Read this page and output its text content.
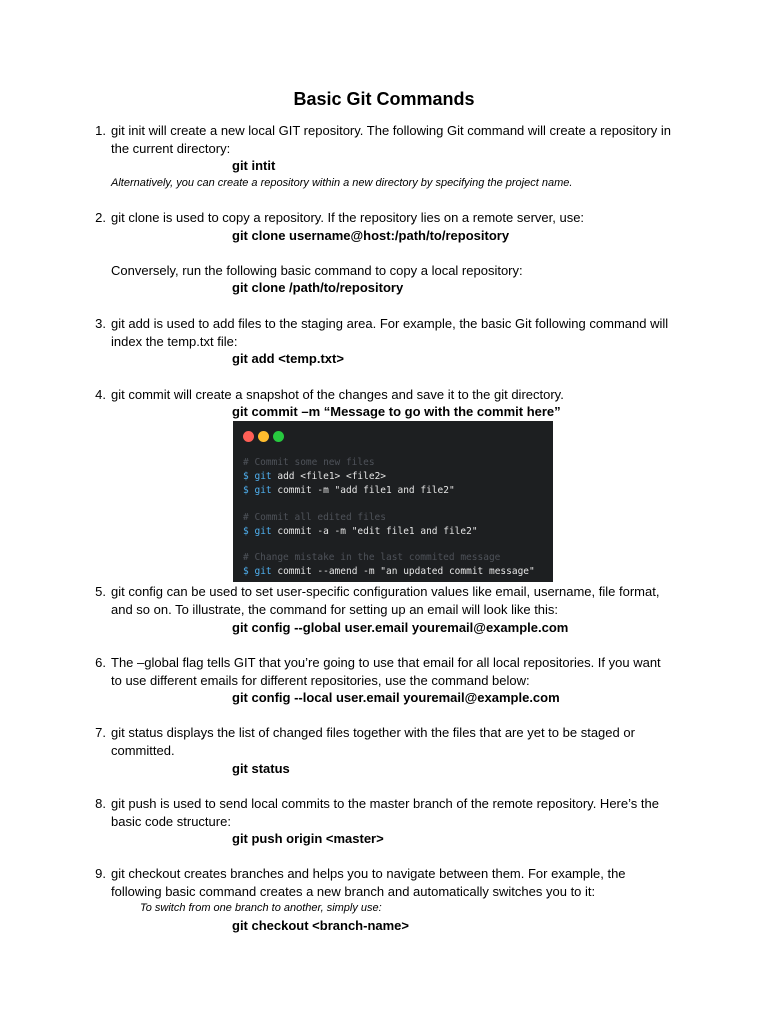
Basic Git Commands
1. git init will create a new local GIT repository. The following Git command will create a repository in the current directory:
git intit
Alternatively, you can create a repository within a new directory by specifying the project name.
2. git clone is used to copy a repository. If the repository lies on a remote server, use:
git clone username@host:/path/to/repository
Conversely, run the following basic command to copy a local repository:
git clone /path/to/repository
3. git add is used to add files to the staging area. For example, the basic Git following command will index the temp.txt file:
git add <temp.txt>
4. git commit will create a snapshot of the changes and save it to the git directory.
git commit –m “Message to go with the commit here”
5. git config can be used to set user-specific configuration values like email, username, file format, and so on. To illustrate, the command for setting up an email will look like this:
git config --global user.email youremail@example.com
6. The –global flag tells GIT that you’re going to use that email for all local repositories. If you want to use different emails for different repositories, use the command below:
git config --local user.email youremail@example.com
7. git status displays the list of changed files together with the files that are yet to be staged or committed.
git status
8. git push is used to send local commits to the master branch of the remote repository. Here’s the basic code structure:
git push origin <master>
9. git checkout creates branches and helps you to navigate between them. For example, the following basic command creates a new branch and automatically switches you to it:
To switch from one branch to another, simply use:
git checkout <branch-name>
# Commit some new files
$ git add <file1> <file2>
$ git commit -m "add file1 and file2"
# Commit all edited files
$ git commit -a -m "edit file1 and file2"
# Change mistake in the last commited message
$ git commit --amend -m "an updated commit message"
